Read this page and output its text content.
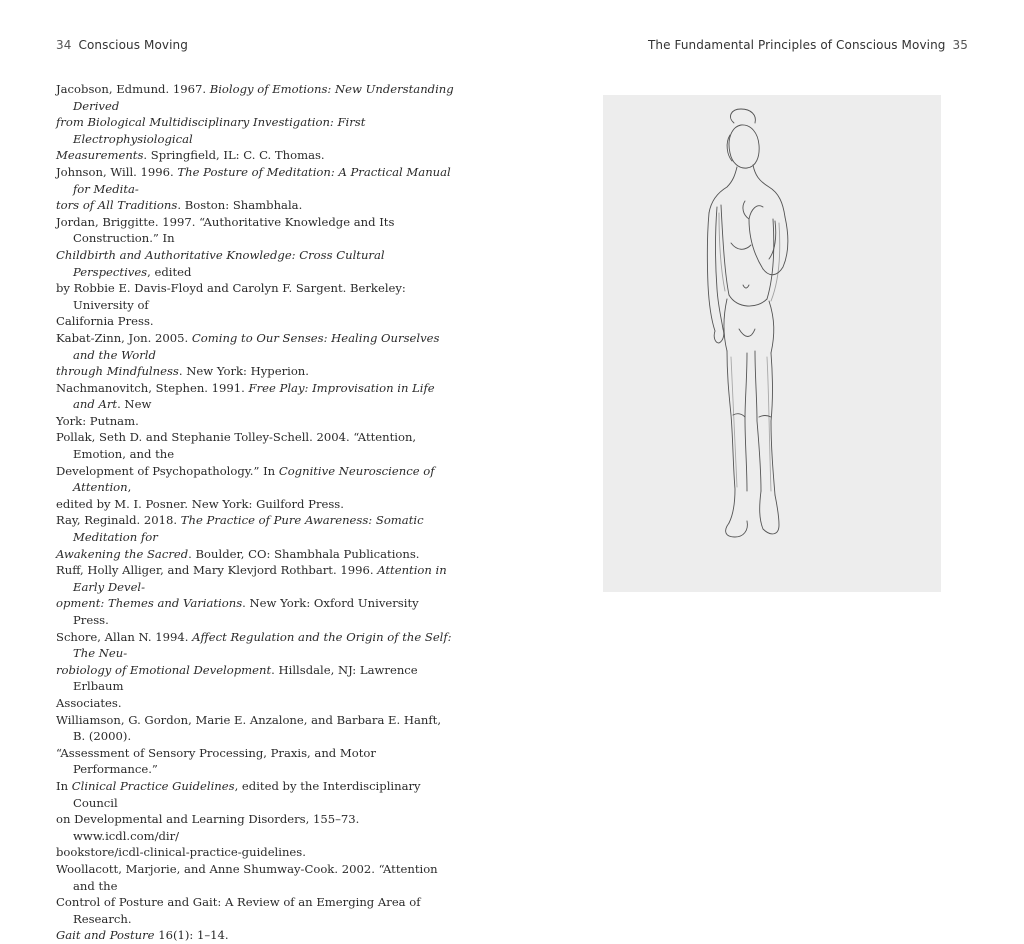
34 Conscious Moving	The Fundamental Principles of Conscious Moving 35

Jacobson, Edmund. 1967. Biology of Emotions: New Understanding Derived
from Biological Multidisciplinary Investigation: First Electrophysiological
Measurements. Springfield, IL: C. C. Thomas.

Johnson, Will. 1996. The Posture of Meditation: A Practical Manual for Medita-
tors of All Traditions. Boston: Shambhala.

Jordan, Briggitte. 1997. “Authoritative Knowledge and Its Construction.” In
Childbirth and Authoritative Knowledge: Cross Cultural Perspectives, edited
by Robbie E. Davis-Floyd and Carolyn F. Sargent. Berkeley: University of
California Press.

Kabat-Zinn, Jon. 2005. Coming to Our Senses: Healing Ourselves and the World
through Mindfulness. New York: Hyperion.

Nachmanovitch, Stephen. 1991. Free Play: Improvisation in Life and Art. New
York: Putnam.

Pollak, Seth D. and Stephanie Tolley-Schell. 2004. “Attention, Emotion, and the
Development of Psychopathology.” In Cognitive Neuroscience of Attention,
edited by M. I. Posner. New York: Guilford Press.

Ray, Reginald. 2018. The Practice of Pure Awareness: Somatic Meditation for
Awakening the Sacred. Boulder, CO: Shambhala Publications.

Ruff, Holly Alliger, and Mary Klevjord Rothbart. 1996. Attention in Early Devel-
opment: Themes and Variations. New York: Oxford University Press.

Schore, Allan N. 1994. Affect Regulation and the Origin of the Self: The Neu-
robiology of Emotional Development. Hillsdale, NJ: Lawrence Erlbaum
Associates.

Williamson, G. Gordon, Marie E. Anzalone, and Barbara E. Hanft, B. (2000).
“Assessment of Sensory Processing, Praxis, and Motor Performance.”
In Clinical Practice Guidelines, edited by the Interdisciplinary Council
on Developmental and Learning Disorders, 155–73. www.icdl.com/dir/
bookstore/icdl-clinical-practice-guidelines.

Woollacott, Marjorie, and Anne Shumway-Cook. 2002. “Attention and the
Control of Posture and Gait: A Review of an Emerging Area of Research.
Gait and Posture 16(1): 1–14.
